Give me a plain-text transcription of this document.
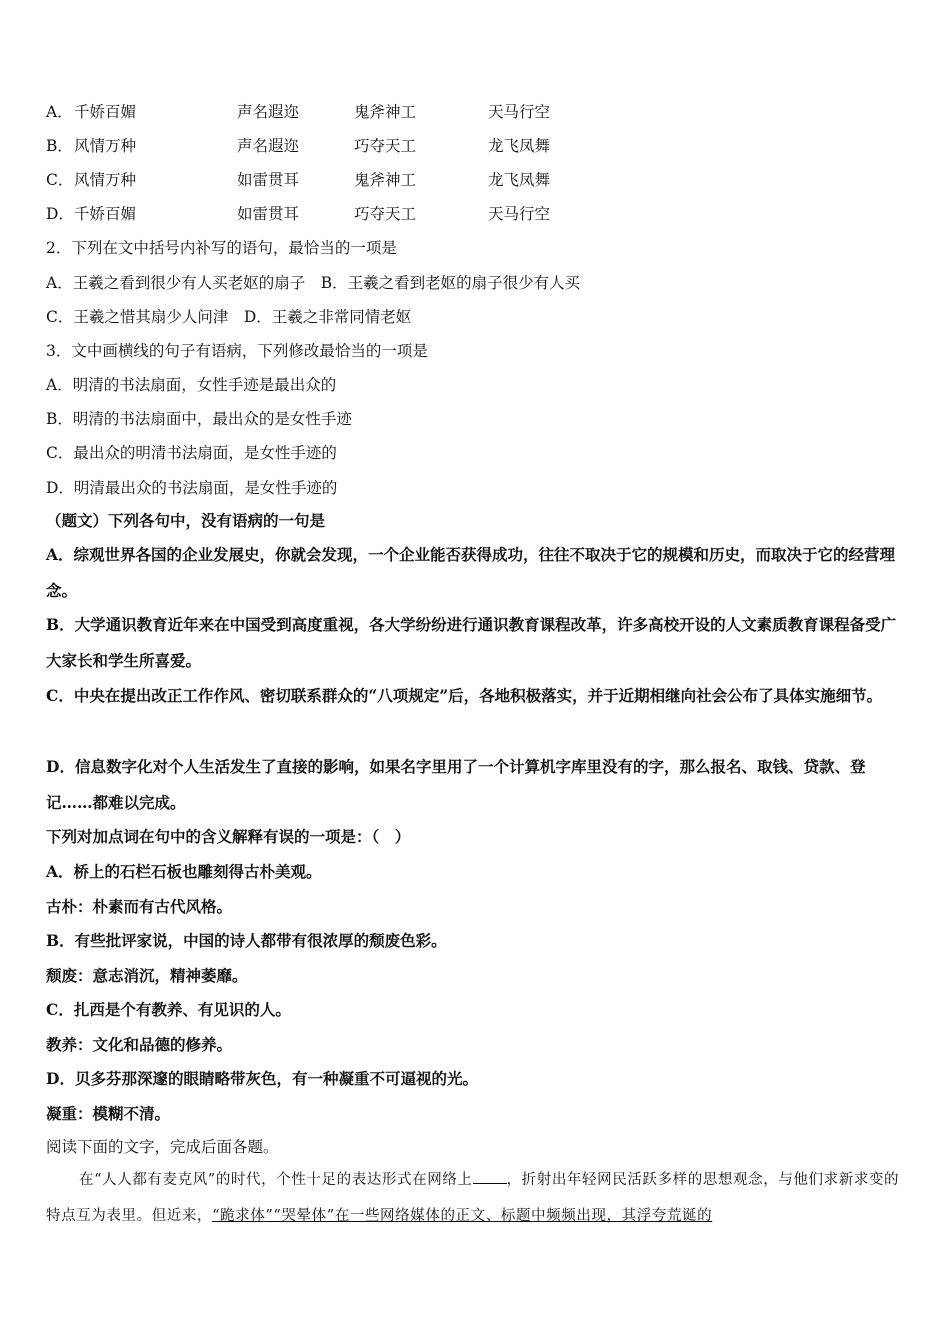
A．千娇百媚	声名遐迩	鬼斧神工	天马行空
B．风情万种	声名遐迩	巧夺天工	龙飞凤舞
C．风情万种	如雷贯耳	鬼斧神工	龙飞凤舞
D．千娇百媚	如雷贯耳	巧夺天工	天马行空
2．下列在文中括号内补写的语句，最恰当的一项是
A．王羲之看到很少有人买老妪的扇子　B．王羲之看到老妪的扇子很少有人买
C．王羲之惜其扇少人问津　D．王羲之非常同情老妪
3．文中画横线的句子有语病，下列修改最恰当的一项是
A．明清的书法扇面，女性手迹是最出众的
B．明清的书法扇面中，最出众的是女性手迹
C．最出众的明清书法扇面，是女性手迹的
D．明清最出众的书法扇面，是女性手迹的
（题文）下列各句中，没有语病的一句是
A．综观世界各国的企业发展史，你就会发现，一个企业能否获得成功，往往不取决于它的规模和历史，而取决于它的经营理念。
B．大学通识教育近年来在中国受到高度重视，各大学纷纷进行通识教育课程改革，许多高校开设的人文素质教育课程备受广大家长和学生所喜爱。
C．中央在提出改正工作作风、密切联系群众的“八项规定”后，各地积极落实，并于近期相继向社会公布了具体实施细节。
D．信息数字化对个人生活发生了直接的影响，如果名字里用了一个计算机字库里没有的字，那么报名、取钱、贷款、登记……都难以完成。
下列对加点词在句中的含义解释有误的一项是：（　）
A．桥上的石栏石板也雕刻得古朴美观。
古朴：朴素而有古代风格。
B．有些批评家说，中国的诗人都带有很浓厚的颓废色彩。
颓废：意志消沉，精神萎靡。
C．扎西是个有教养、有见识的人。
教养：文化和品德的修养。
D．贝多芬那深邃的眼睛略带灰色，有一种凝重不可逼视的光。
凝重：模糊不清。
阅读下面的文字，完成后面各题。
在“人人都有麦克风”的时代，个性十足的表达形式在网络上 ，折射出年轻网民活跃多样的思想观念，与他们求新求变的特点互为表里。但近来，“跪求体”“哭晕体”在一些网络媒体的正文、标题中频频出现，其浮夸荒诞的
